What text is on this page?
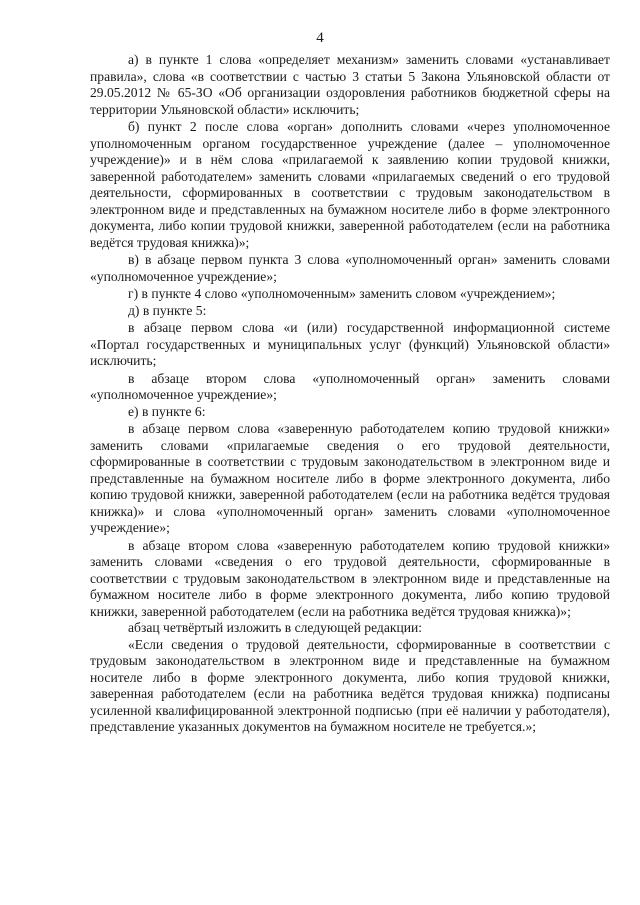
4

а) в пункте 1 слова «определяет механизм» заменить словами «устанавливает правила», слова «в соответствии с частью 3 статьи 5 Закона Ульяновской области от 29.05.2012 № 65-ЗО «Об организации оздоровления работников бюджетной сферы на территории Ульяновской области» исключить;

б) пункт 2 после слова «орган» дополнить словами «через уполномоченное уполномоченным органом государственное учреждение (далее – уполномоченное учреждение)» и в нём слова «прилагаемой к заявлению копии трудовой книжки, заверенной работодателем» заменить словами «прилагаемых сведений о его трудовой деятельности, сформированных в соответствии с трудовым законодательством в электронном виде и представленных на бумажном носителе либо в форме электронного документа, либо копии трудовой книжки, заверенной работодателем (если на работника ведётся трудовая книжка)»;

в) в абзаце первом пункта 3 слова «уполномоченный орган» заменить словами «уполномоченное учреждение»;

г) в пункте 4 слово «уполномоченным» заменить словом «учреждением»;

д) в пункте 5:

в абзаце первом слова «и (или) государственной информационной системе «Портал государственных и муниципальных услуг (функций) Ульяновской области» исключить;

в абзаце втором слова «уполномоченный орган» заменить словами «уполномоченное учреждение»;

е) в пункте 6:

в абзаце первом слова «заверенную работодателем копию трудовой книжки» заменить словами «прилагаемые сведения о его трудовой деятельности, сформированные в соответствии с трудовым законодательством в электронном виде и представленные на бумажном носителе либо в форме электронного документа, либо копию трудовой книжки, заверенной работодателем (если на работника ведётся трудовая книжка)» и слова «уполномоченный орган» заменить словами «уполномоченное учреждение»;

в абзаце втором слова «заверенную работодателем копию трудовой книжки» заменить словами «сведения о его трудовой деятельности, сформированные в соответствии с трудовым законодательством в электронном виде и представленные на бумажном носителе либо в форме электронного документа, либо копию трудовой книжки, заверенной работодателем (если на работника ведётся трудовая книжка)»;

абзац четвёртый изложить в следующей редакции:

«Если сведения о трудовой деятельности, сформированные в соответствии с трудовым законодательством в электронном виде и представленные на бумажном носителе либо в форме электронного документа, либо копия трудовой книжки, заверенная работодателем (если на работника ведётся трудовая книжка) подписаны усиленной квалифицированной электронной подписью (при её наличии у работодателя), представление указанных документов на бумажном носителе не требуется.»;
